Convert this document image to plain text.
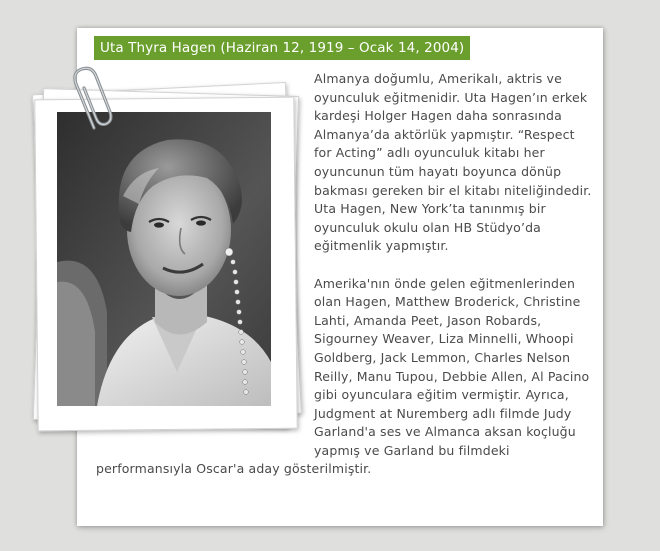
Uta Thyra Hagen (Haziran 12, 1919 – Ocak 14, 2004)

Almanya doğumlu, Amerikalı, aktris ve oyunculuk eğitmenidir. Uta Hagen’ın erkek kardeşi Holger Hagen daha sonrasında Almanya’da aktörlük yapmıştır. “Respect for Acting” adlı oyunculuk kitabı her oyuncunun tüm hayatı boyunca dönüp bakması gereken bir el kitabı niteliğindedir. Uta Hagen, New York’ta tanınmış bir oyunculuk okulu olan HB Stüdyo’da eğitmenlik yapmıştır.

Amerika'nın önde gelen eğitmenlerinden olan Hagen, Matthew Broderick, Christine Lahti, Amanda Peet, Jason Robards, Sigourney Weaver, Liza Minnelli, Whoopi Goldberg, Jack Lemmon, Charles Nelson Reilly, Manu Tupou, Debbie Allen, Al Pacino gibi oyunculara eğitim vermiştir. Ayrıca, Judgment at Nuremberg adlı filmde Judy Garland'a ses ve Almanca aksan koçluğu yapmış ve Garland bu filmdeki performansıyla Oscar'a aday gösterilmiştir.
